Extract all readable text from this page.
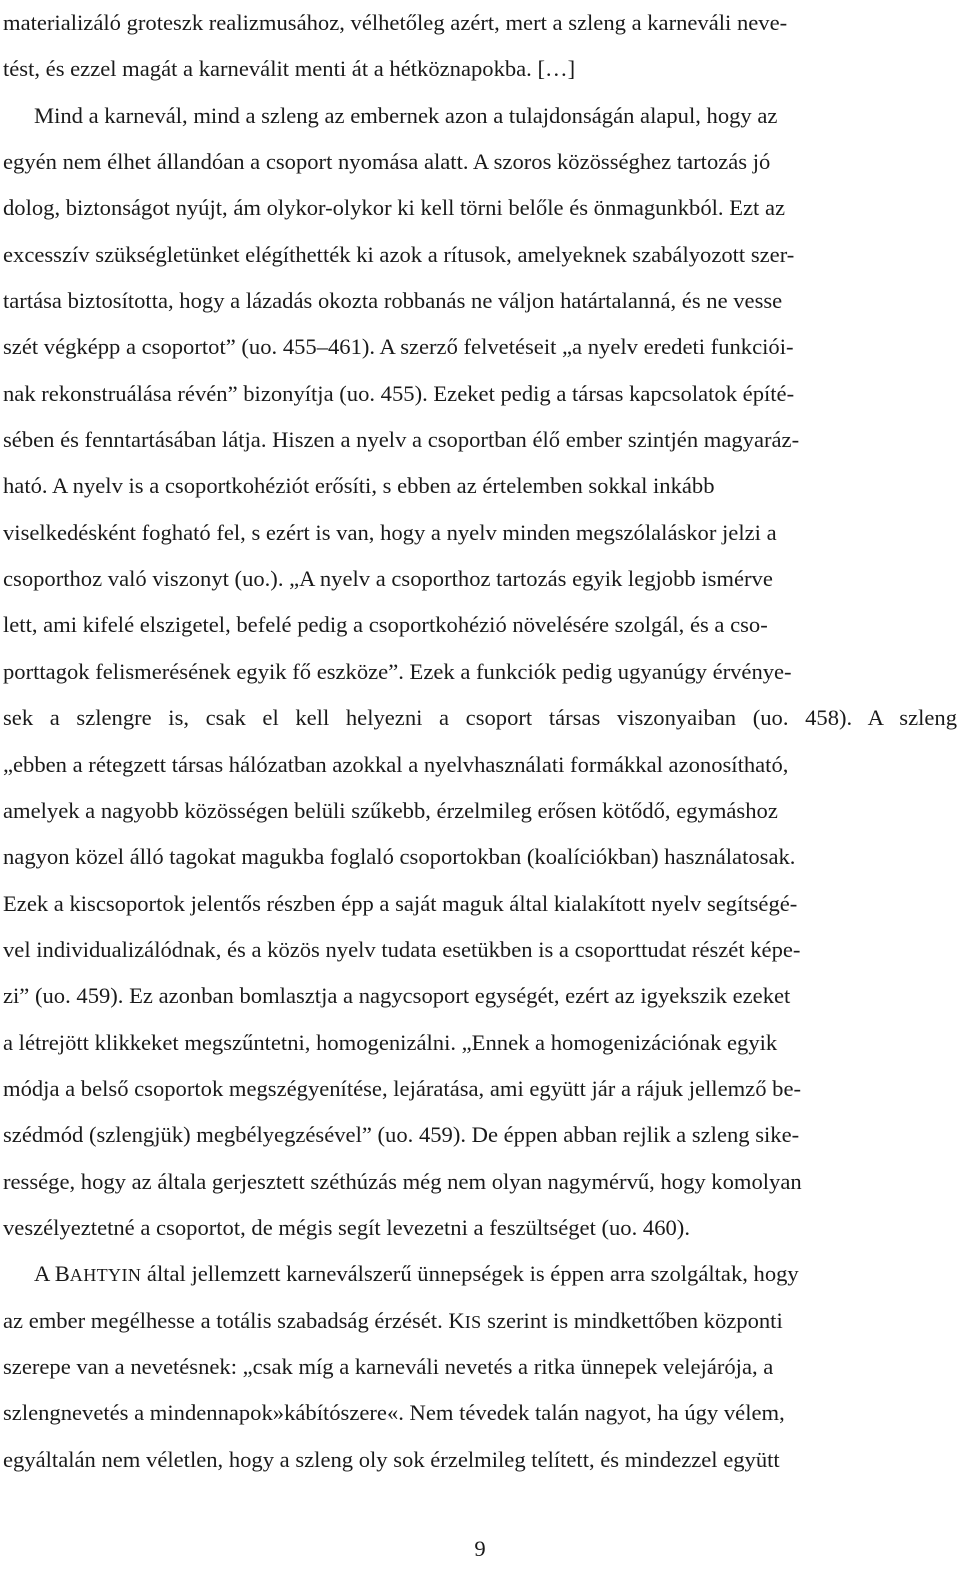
materializáló groteszk realizmusához, vélhetőleg azért, mert a szleng a karneváli neve-
tést, és ezzel magát a karneválit menti át a hétköznapokba. […]
Mind a karnevál, mind a szleng az embernek azon a tulajdonságán alapul, hogy az
egyén nem élhet állandóan a csoport nyomása alatt. A szoros közösséghez tartozás jó
dolog, biztonságot nyújt, ám olykor-olykor ki kell törni belőle és önmagunkból. Ezt az
excesszív szükségletünket elégíthették ki azok a rítusok, amelyeknek szabályozott szer-
tartása biztosította, hogy a lázadás okozta robbanás ne váljon határtalanná, és ne vesse
szét végképp a csoportot” (uo. 455–461). A szerző felvetéseit „a nyelv eredeti funkciói-
nak rekonstruálása révén” bizonyítja (uo. 455). Ezeket pedig a társas kapcsolatok építé-
sében és fenntartásában látja. Hiszen a nyelv a csoportban élő ember szintjén magyaráz-
ható. A nyelv is a csoportkohéziót erősíti, s ebben az értelemben sokkal inkább
viselkedésként fogható fel, s ezért is van, hogy a nyelv minden megszólaláskor jelzi a
csoporthoz való viszonyt (uo.). „A nyelv a csoporthoz tartozás egyik legjobb ismérve
lett, ami kifelé elszigetel, befelé pedig a csoportkohézió növelésére szolgál, és a cso-
porttagok felismerésének egyik fő eszköze”. Ezek a funkciók pedig ugyanúgy érvénye-
sek a szlengre is, csak el kell helyezni a csoport társas viszonyaiban (uo. 458). A szleng
„ebben a rétegzett társas hálózatban azokkal a nyelvhasználati formákkal azonosítható,
amelyek a nagyobb közösségen belüli szűkebb, érzelmileg erősen kötődő, egymáshoz
nagyon közel álló tagokat magukba foglaló csoportokban (koalíciókban) használatosak.
Ezek a kiscsoportok jelentős részben épp a saját maguk által kialakított nyelv segítségé-
vel individualizálódnak, és a közös nyelv tudata esetükben is a csoporttudat részét képe-
zi” (uo. 459). Ez azonban bomlasztja a nagycsoport egységét, ezért az igyekszik ezeket
a létrejött klikkeket megszűntetni, homogenizálni. „Ennek a homogenizációnak egyik
módja a belső csoportok megszégyenítése, lejáratása, ami együtt jár a rájuk jellemző be-
szédmód (szlengjük) megbélyegzésével” (uo. 459). De éppen abban rejlik a szleng sike-
ressége, hogy az általa gerjesztett széthúzás még nem olyan nagymérvű, hogy komolyan
veszélyeztetné a csoportot, de mégis segít levezetni a feszültséget (uo. 460).
A BAHTYIN által jellemzett karneválszerű ünnepségek is éppen arra szolgáltak, hogy
az ember megélhesse a totális szabadság érzését. KIS szerint is mindkettőben központi
szerepe van a nevetésnek: „csak míg a karneváli nevetés a ritka ünnepek velejárója, a
szlengnevetés a mindennapok»kábítószere«. Nem tévedek talán nagyot, ha úgy vélem,
egyáltalán nem véletlen, hogy a szleng oly sok érzelmileg telített, és mindezzel együtt
9
